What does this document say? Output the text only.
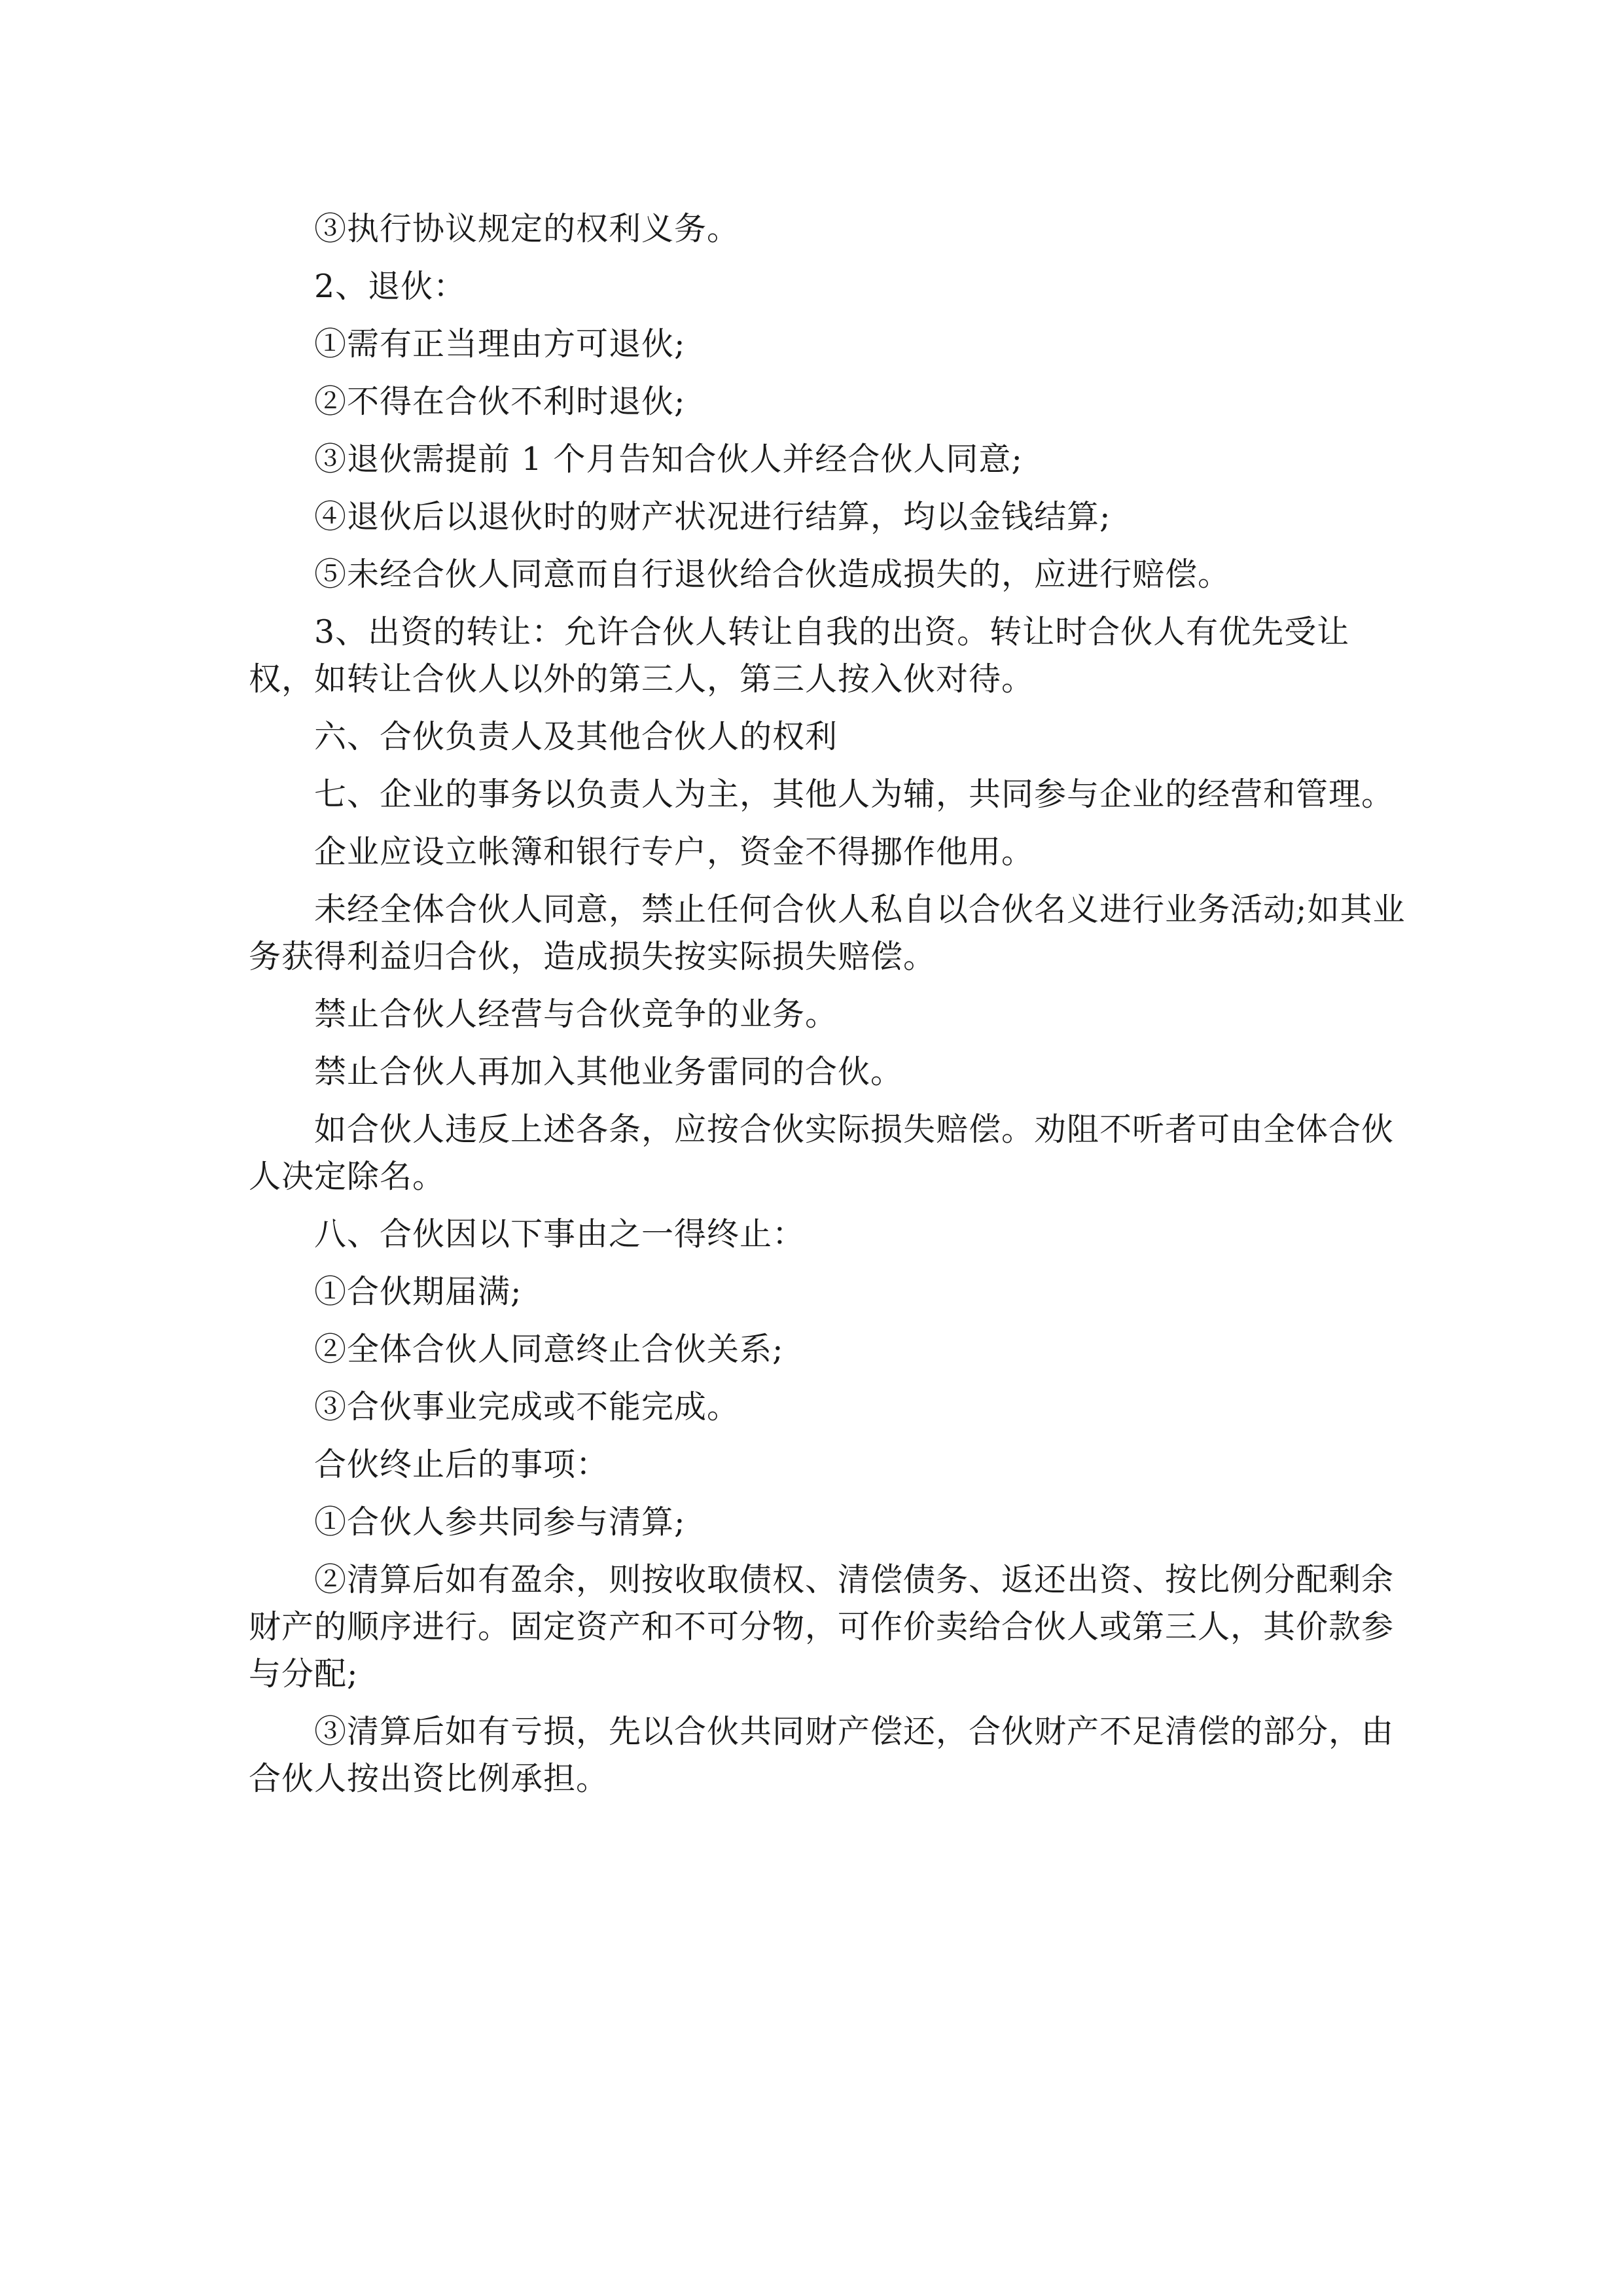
③执行协议规定的权利义务。

2、退伙：

①需有正当理由方可退伙;

②不得在合伙不利时退伙;

③退伙需提前 1 个月告知合伙人并经合伙人同意;

④退伙后以退伙时的财产状况进行结算，均以金钱结算;

⑤未经合伙人同意而自行退伙给合伙造成损失的，应进行赔偿。

3、出资的转让：允许合伙人转让自我的出资。转让时合伙人有优先受让权，如转让合伙人以外的第三人，第三人按入伙对待。

六、合伙负责人及其他合伙人的权利

七、企业的事务以负责人为主，其他人为辅，共同参与企业的经营和管理。

企业应设立帐簿和银行专户，资金不得挪作他用。

未经全体合伙人同意，禁止任何合伙人私自以合伙名义进行业务活动;如其业务获得利益归合伙，造成损失按实际损失赔偿。

禁止合伙人经营与合伙竞争的业务。

禁止合伙人再加入其他业务雷同的合伙。

如合伙人违反上述各条，应按合伙实际损失赔偿。劝阻不听者可由全体合伙人决定除名。

八、合伙因以下事由之一得终止：

①合伙期届满;

②全体合伙人同意终止合伙关系;

③合伙事业完成或不能完成。

合伙终止后的事项：

①合伙人参共同参与清算;

②清算后如有盈余，则按收取债权、清偿债务、返还出资、按比例分配剩余财产的顺序进行。固定资产和不可分物，可作价卖给合伙人或第三人，其价款参与分配;

③清算后如有亏损，先以合伙共同财产偿还，合伙财产不足清偿的部分，由合伙人按出资比例承担。
